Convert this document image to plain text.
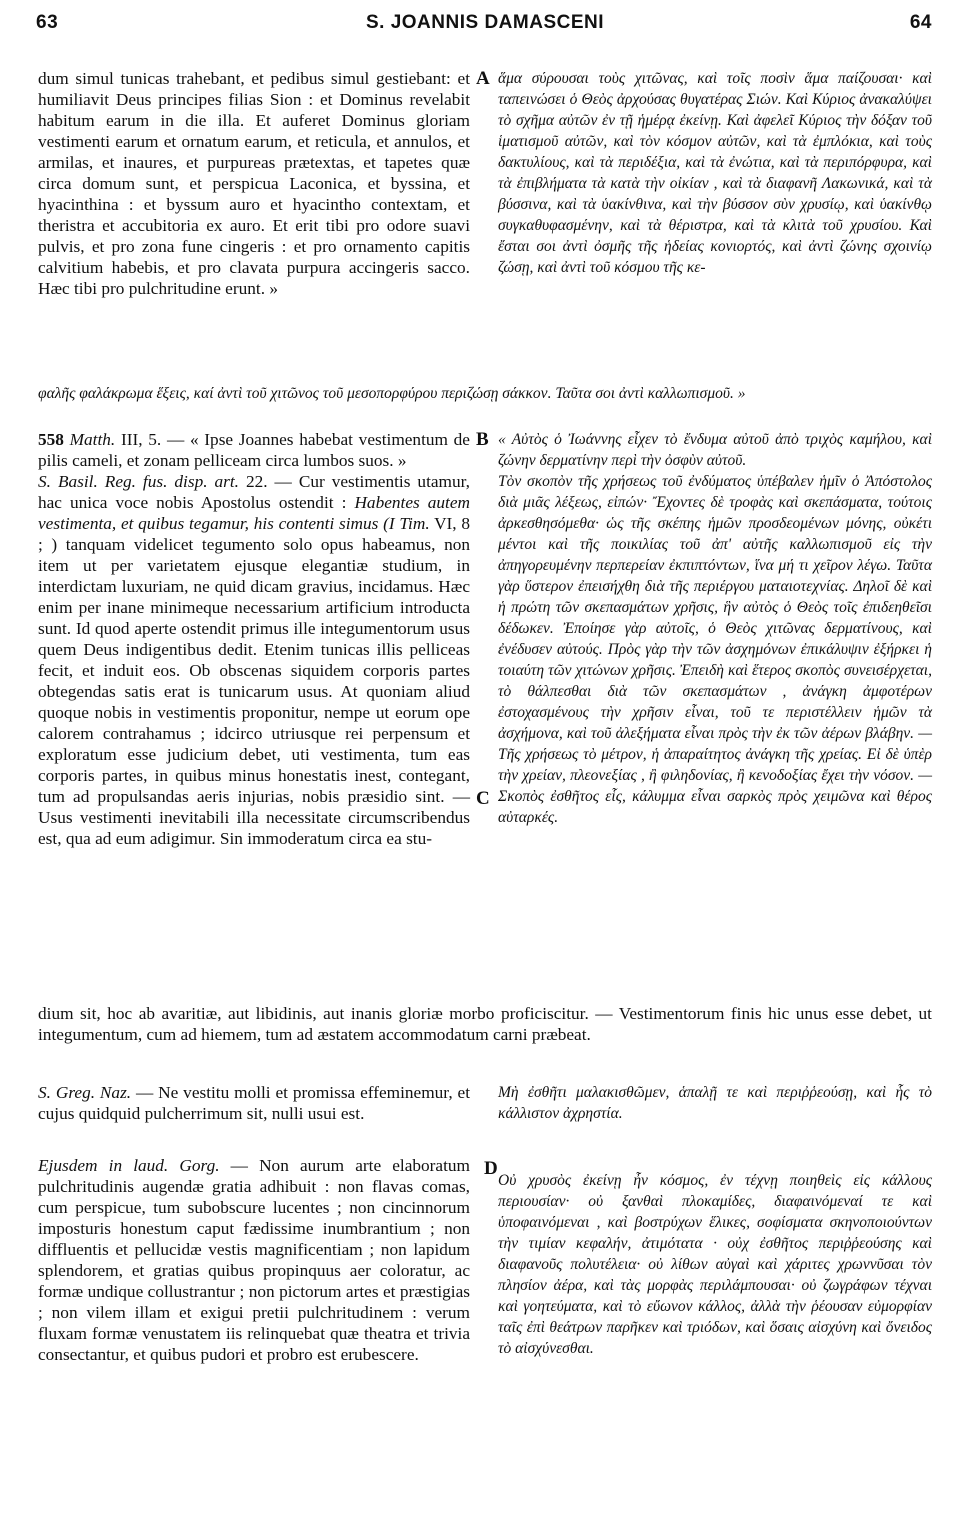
63	S. JOANNIS DAMASCENI	64

dum simul tunicas trahebant, et pedibus simul gestiebant: et humiliavit Deus principes filias Sion : et Dominus revelabit habitum earum in die illa. Et auferet Dominus gloriam vestimenti earum et ornatum earum, et reticula, et annulos, et armilas, et inaures, et purpureas prætextas, et tapetes quæ circa domum sunt, et perspicua Laconica, et byssina, et hyacinthina : et byssum auro et hyacintho contextam, et theristra et accubitoria ex auro. Et erit tibi pro odore suavi pulvis, et pro zona fune cingeris : et pro ornamento capitis calvitium habebis, et pro clavata purpura accingeris sacco. Hæc tibi pro pulchritudine erunt. »

A ἅμα σύρουσαι τοὺς χιτῶνας, καὶ τοῖς ποσὶν ἅμα παίζουσαι· καὶ ταπεινώσει ὁ Θεὸς ἀρχούσας θυγατέρας Σιών. Καὶ Κύριος ἀνακαλύψει τὸ σχῆμα αὐτῶν ἐν τῇ ἡμέρᾳ ἐκείνῃ. Καὶ ἀφελεῖ Κύριος τὴν δόξαν τοῦ ἱματισμοῦ αὐτῶν, καὶ τὸν κόσμον αὐτῶν, καὶ τὰ ἐμπλόκια, καὶ τοὺς δακτυλίους, καὶ τὰ περιδέξια, καὶ τὰ ἐνώτια, καὶ τὰ περιπόρφυρα, καὶ τὰ ἐπιβλήματα τὰ κατὰ τὴν οἰκίαν , καὶ τὰ διαφανῆ Λακωνικά, καὶ τὰ βύσσινα, καὶ τὰ ὑακίνθινα, καὶ τὴν βύσσον σὺν χρυσίῳ, καὶ ὑακίνθῳ συγκαθυφασμένην, καὶ τὰ θέριστρα, καὶ τὰ κλιτὰ τοῦ χρυσίου. Καὶ ἔσται σοι ἀντὶ ὀσμῆς τῆς ἡδείας κονιορτός, καὶ ἀντὶ ζώνης σχοινίῳ ζώσῃ, καὶ ἀντὶ τοῦ κόσμου τῆς κε-

φαλῆς φαλάκρωμα ἕξεις, καί ἀντὶ τοῦ χιτῶνος τοῦ μεσοπορφύρου περιζώσῃ σάκκον. Ταῦτα σοι ἀντὶ καλλωπισμοῦ. »

558 Matth. III, 5. — « Ipse Joannes habebat vestimentum de pilis cameli, et zonam pelliceam circa lumbos suos. »
S. Basil. Reg. fus. disp. art. 22. — Cur vestimentis utamur, hac unica voce nobis Apostolus ostendit : Habentes autem vestimenta, et quibus tegamur, his contenti simus (I Tim. VI, 8 ; ) tanquam videlicet tegumento solo opus habeamus, non item ut per varietatem ejusque elegantiæ studium, in interdictam luxuriam, ne quid dicam gravius, incidamus. Hæc enim per inane minimeque necessarium artificium introducta sunt. Id quod aperte ostendit primus ille integumentorum usus quem Deus indigentibus dedit. Etenim tunicas illis pelliceas fecit, et induit eos. Ob obscenas siquidem corporis partes obtegendas satis erat is tunicarum usus. At quoniam aliud quoque nobis in vestimentis proponitur, nempe ut eorum ope calorem contrahamus ; idcirco utriusque rei perpensum et exploratum esse judicium debet, uti vestimenta, tum eas corporis partes, in quibus minus honestatis inest, contegant, tum ad propulsandas aeris injurias, nobis præsidio sint. — Usus vestimenti inevitabili illa necessitate circumscribendus est, qua ad eum adigimur. Sin immoderatum circa ea stu-

B
C
« Αὐτὸς ὁ Ἰωάννης εἶχεν τὸ ἔνδυμα αὐτοῦ ἀπὸ τριχὸς καμήλου, καὶ ζώνην δερματίνην περὶ τὴν ὀσφὺν αὐτοῦ.
Τὸν σκοπὸν τῆς χρήσεως τοῦ ἐνδύματος ὑπέβαλεν ἡμῖν ὁ Ἀπόστολος διὰ μιᾶς λέξεως, εἰπών· Ἔχοντες δὲ τροφὰς καὶ σκεπάσματα, τούτοις ἀρκεσθησόμεθα· ὡς τῆς σκέπης ἡμῶν προσδεομένων μόνης, οὐκέτι μέντοι καὶ τῆς ποικιλίας τοῦ ἀπ' αὐτῆς καλλωπισμοῦ εἰς τὴν ἀπηγορευμένην περπερείαν ἐκπιπτόντων, ἵνα μή τι χεῖρον λέγω. Ταῦτα γὰρ ὕστερον ἐπεισήχθη διὰ τῆς περιέργου ματαιοτεχνίας. Δηλοῖ δὲ καὶ ἡ πρώτη τῶν σκεπασμάτων χρῆσις, ἣν αὐτὸς ὁ Θεὸς τοῖς ἐπιδεηθεῖσι δέδωκεν. Ἐποίησε γὰρ αὐτοῖς, ὁ Θεὸς χιτῶνας δερματίνους, καὶ ἐνέδυσεν αὐτούς. Πρὸς γὰρ τὴν τῶν ἀσχημόνων ἐπικάλυψιν ἐξήρκει ἡ τοιαύτη τῶν χιτώνων χρῆσις. Ἐπειδὴ καὶ ἕτερος σκοπὸς συνεισέρχεται, τὸ θάλπεσθαι διὰ τῶν σκεπασμάτων , ἀνάγκη ἀμφοτέρων ἐστοχασμένους τὴν χρῆσιν εἶναι, τοῦ τε περιστέλλειν ἡμῶν τὰ ἀσχήμονα, καὶ τοῦ ἀλεξήματα εἶναι πρὸς τὴν ἐκ τῶν ἀέρων βλάβην. — Τῆς χρήσεως τὸ μέτρον, ἡ ἀπαραίτητος ἀνάγκη τῆς χρείας. Εἰ δὲ ὑπὲρ τὴν χρείαν, πλεονεξίας , ἢ φιληδονίας, ἢ κενοδοξίας ἔχει τὴν νόσον. — Σκοπὸς ἐσθῆτος εἷς, κάλυμμα εἶναι σαρκὸς πρὸς χειμῶνα καὶ θέρος αὐταρκές.

dium sit, hoc ab avaritiæ, aut libidinis, aut inanis gloriæ morbo proficiscitur. — Vestimentorum finis hic unus esse debet, ut integumentum, cum ad hiemem, tum ad æstatem accommodatum carni præbeat.

S. Greg. Naz. — Ne vestitu molli et promissa effeminemur, et cujus quidquid pulcherrimum sit, nulli usui est.

Μὴ ἐσθῆτι μαλακισθῶμεν, ἁπαλῇ τε καὶ περιῤῥεούσῃ, καὶ ἧς τὸ κάλλιστον ἀχρηστία.

D

Ejusdem in laud. Gorg. — Non aurum arte elaboratum pulchritudinis augendæ gratia adhibuit : non flavas comas, cum perspicue, tum subobscure lucentes ; non cincinnorum imposturis honestum caput fædissime inumbrantium ; non diffluentis et pellucidæ vestis magnificentiam ; non lapidum splendorem, et gratias quibus propinquus aer coloratur, ac formæ undique collustrantur ; non pictorum artes et præstigias ; non vilem illam et exigui pretii pulchritudinem : verum fluxam formæ venustatem iis relinquebat quæ theatra et trivia consectantur, et quibus pudori et probro est erubescere.

Οὐ χρυσὸς ἐκείνῃ ἦν κόσμος, ἐν τέχνῃ ποιηθεὶς εἰς κάλλους περιουσίαν· οὐ ξανθαὶ πλοκαμίδες, διαφαινόμεναί τε καὶ ὑποφαινόμεναι , καὶ βοστρύχων ἕλικες, σοφίσματα σκηνοποιούντων τὴν τιμίαν κεφαλήν, ἀτιμότατα · οὐχ ἐσθῆτος περιῤῥεούσης καὶ διαφανοῦς πολυτέλεια· οὐ λίθων αὐγαὶ καὶ χάριτες χρωννῦσαι τὸν πλησίον ἀέρα, καὶ τὰς μορφὰς περιλάμπουσαι· οὐ ζωγράφων τέχναι καὶ γοητεύματα, καὶ τὸ εὔωνον κάλλος, ἀλλὰ τὴν ῥέουσαν εὐμορφίαν ταῖς ἐπὶ θεάτρων παρῆκεν καὶ τριόδων, καὶ ὅσαις αἰσχύνη καὶ ὄνειδος τὸ αἰσχύνεσθαι.
